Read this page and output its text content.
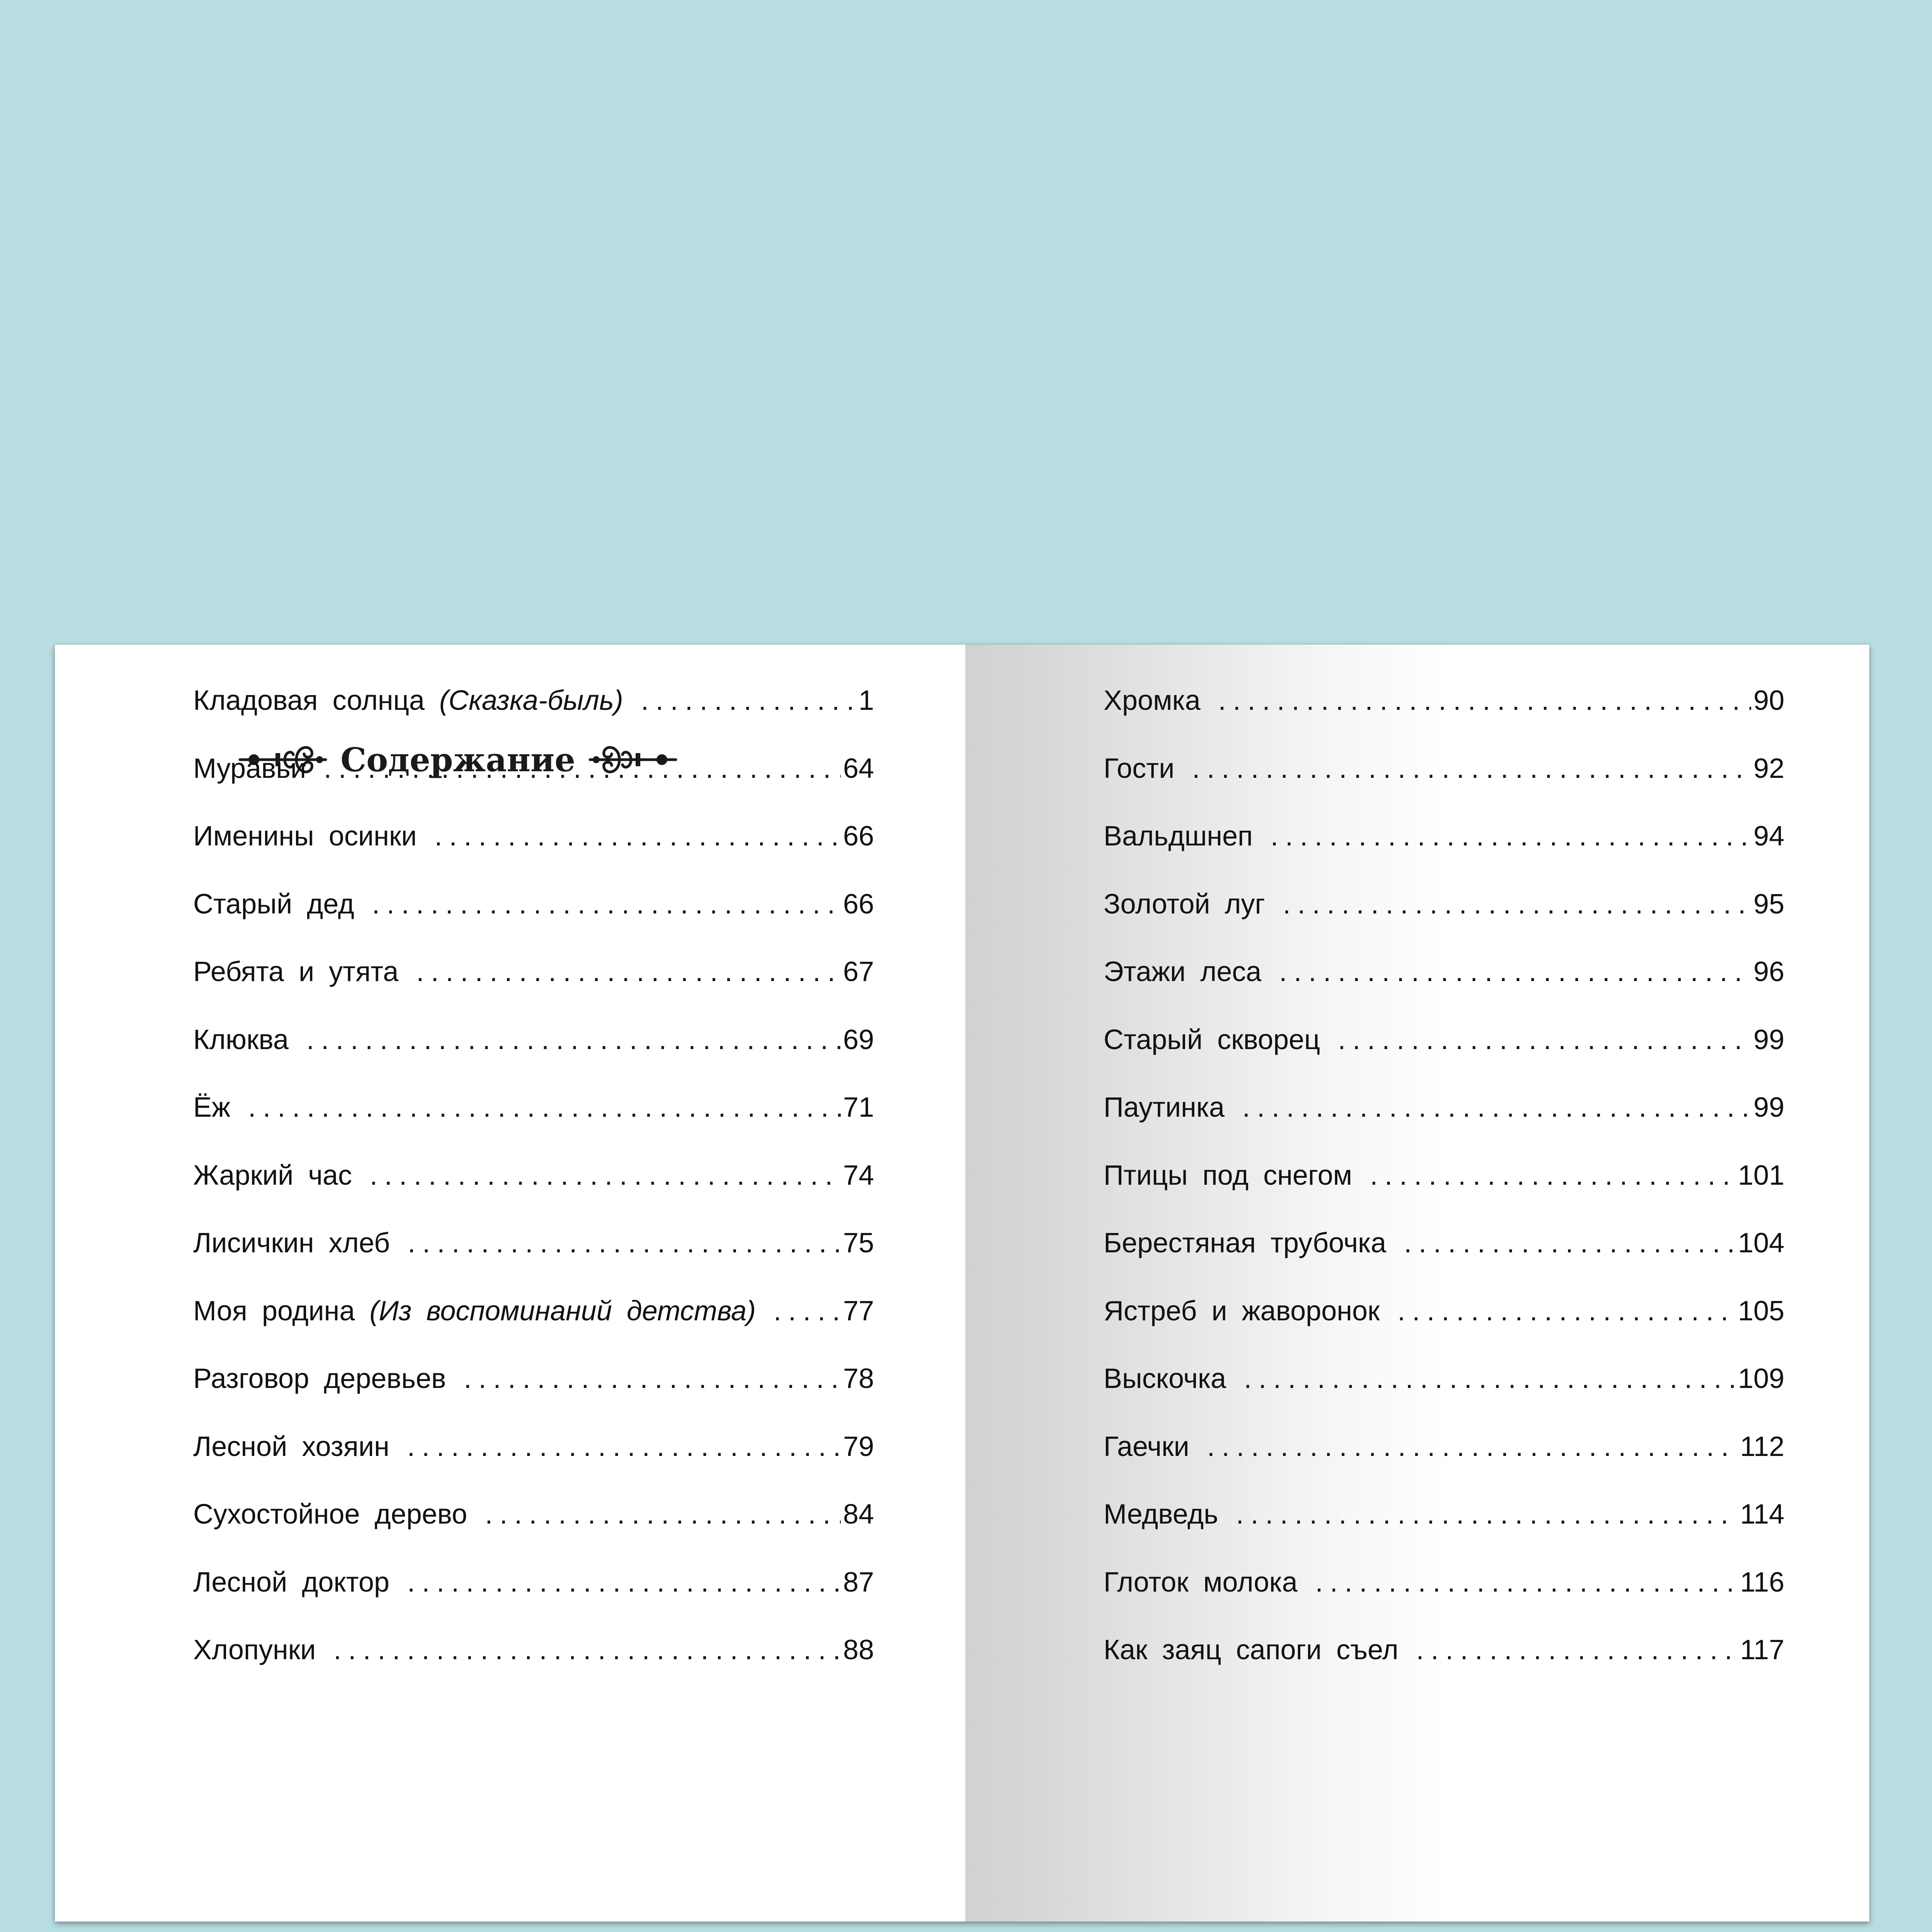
Содержание
Кладовая солнца (Сказка-быль) .....	1
Муравьи .....	64
Именины осинки .....	66
Старый дед .....	66
Ребята и утята .....	67
Клюква .....	69
Ёж .....	71
Жаркий час .....	74
Лисичкин хлеб .....	75
Моя родина (Из воспоминаний детства) .....	77
Разговор деревьев .....	78
Лесной хозяин .....	79
Сухостойное дерево .....	84
Лесной доктор .....	87
Хлопунки .....	88
Хромка .....	90
Гости .....	92
Вальдшнеп .....	94
Золотой луг .....	95
Этажи леса .....	96
Старый скворец .....	99
Паутинка .....	99
Птицы под снегом .....	101
Берестяная трубочка .....	104
Ястреб и жаворонок .....	105
Выскочка .....	109
Гаечки .....	112
Медведь .....	114
Глоток молока .....	116
Как заяц сапоги съел .....	117
